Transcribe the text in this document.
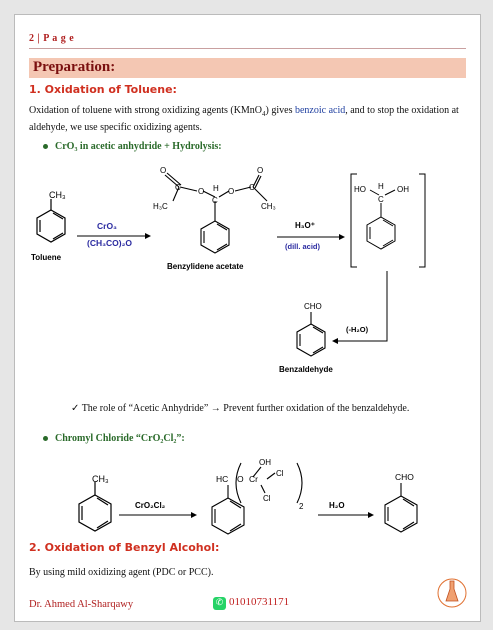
2 | P a g e
Preparation:
1. Oxidation of Toluene:
Oxidation of toluene with strong oxidizing agents (KMnO$_4$) gives benzoic acid, and to stop the oxidation at aldehyde, we use specific oxidizing agents.
CrO₃ in acetic anhydride + Hydrolysis:
CH₃
Toluene
CrO₃
(CH₃CO)₂O
O	O
C	C
O	O
H
C
H₃C	CH₃
Benzylidene acetate
H₃O⁺
(dill. acid)
HO	OH
H
C
(-H₂O)
CHO
Benzaldehyde
CH₃
CrO₂Cl₂
HC O Cr
OH
Cl
Cl
2	H₂O
CHO
✓ The role of “Acetic Anhydride” → Prevent further oxidation of the benzaldehyde.
Chromyl Chloride “CrO₂Cl₂”:
2. Oxidation of Benzyl Alcohol:
By using mild oxidizing agent (PDC or PCC).
Dr. Ahmed Al-Sharqawy	✆ 01010731171
